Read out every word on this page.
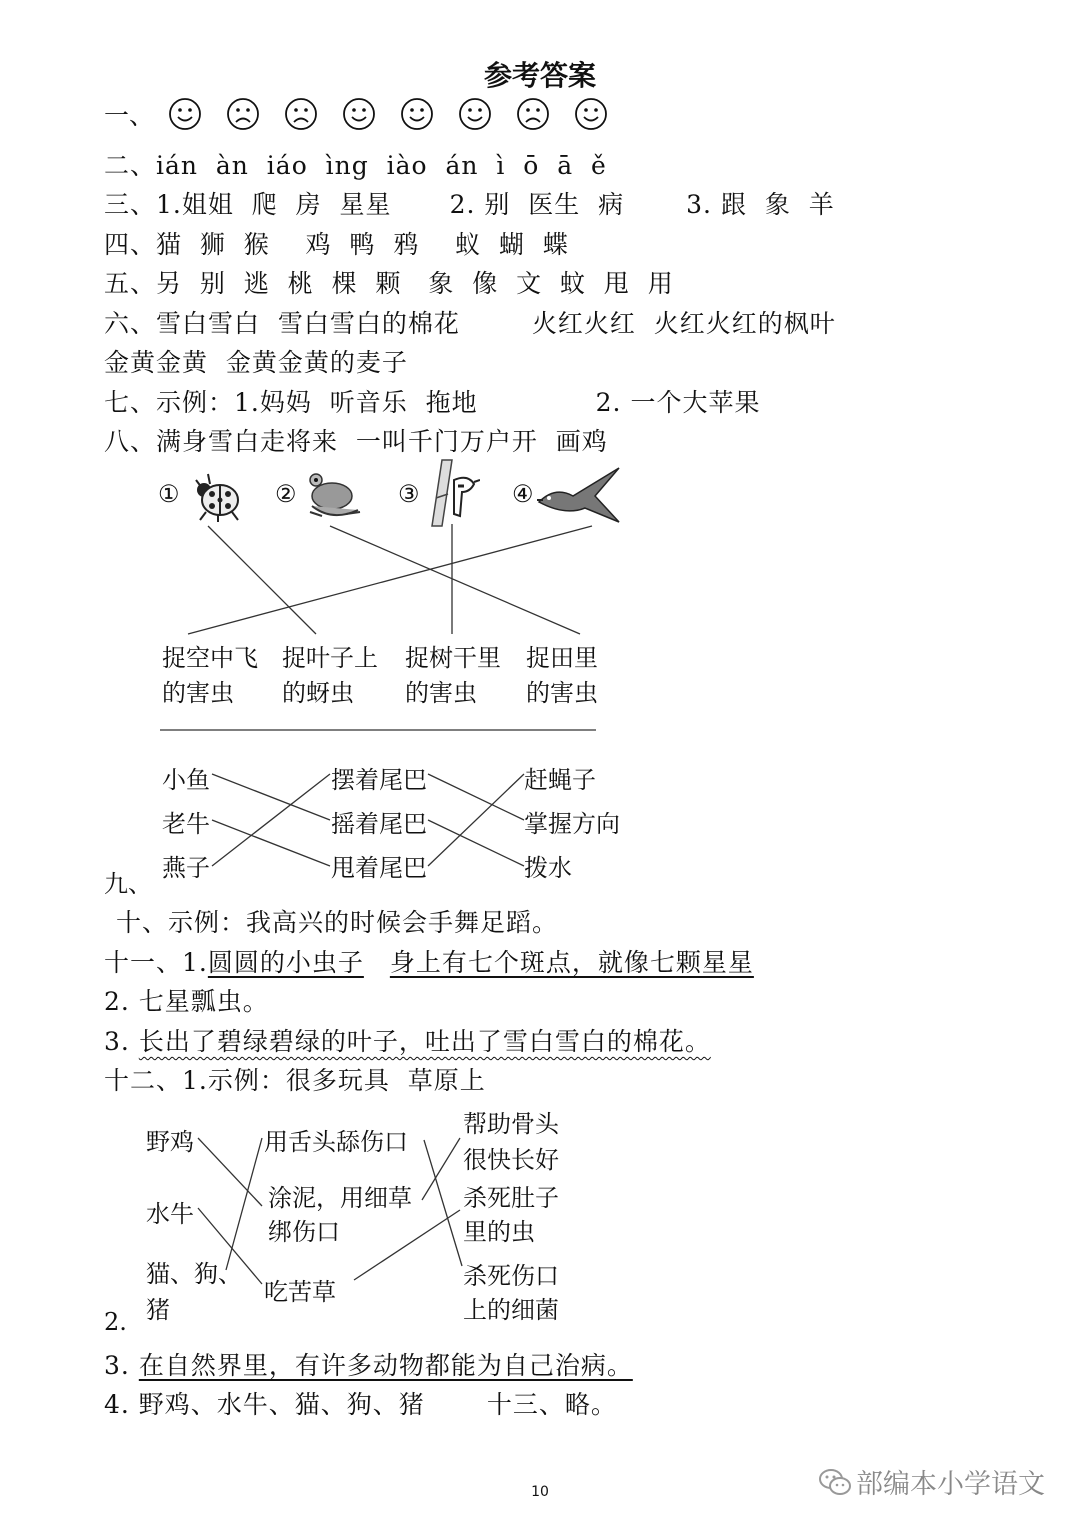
参考答案
一、
二、ián  àn  iáo  ìng  iào  án  ì  ō  ā  ě
三、1.姐姐  爬  房  星星 2. 别  医生  病 3. 跟  象  羊
四、猫  狮  猴    鸡  鸭  鸦    蚁  蝴  蝶
五、另  别  逃  桃  棵  颗   象  像  文  蚊  甩  用
六、雪白雪白  雪白雪白的棉花	火红火红  火红火红的枫叶
金黄金黄  金黄金黄的麦子
七、示例：1.妈妈  听音乐  拖地	2. 一个大苹果
八、满身雪白走将来  一叫千门万户开  画鸡
①	②	③	④
捉空中飞
的害虫
捉叶子上
的蚜虫
捉树干里
的害虫
捉田里
的害虫
小鱼
老牛
燕子
摆着尾巴
摇着尾巴
甩着尾巴
赶蝇子
掌握方向
拨水
九、
十、示例：我高兴的时候会手舞足蹈。
十一、1.圆圆的小虫子 身上有七个斑点，就像七颗星星
2. 七星瓢虫。
3. 长出了碧绿碧绿的叶子，吐出了雪白雪白的棉花。
十二、1.示例：很多玩具  草原上
野鸡
水牛
猫、狗、
猪
用舌头舔伤口
涂泥，用细草
绑伤口
吃苦草
帮助骨头
很快长好
杀死肚子
里的虫
杀死伤口
上的细菌
2.
3. 在自然界里，有许多动物都能为自己治病。
4. 野鸡、水牛、猫、狗、猪 十三、略。
10	部编本小学语文
